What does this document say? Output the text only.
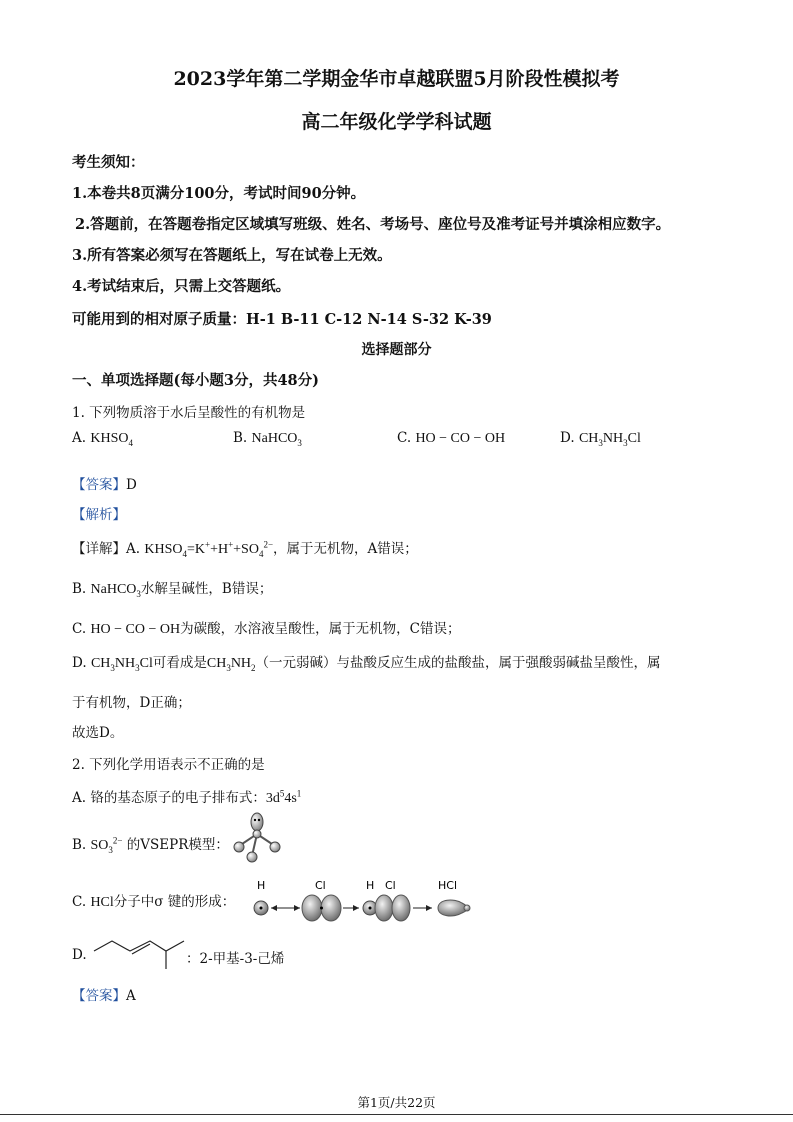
2023学年第二学期金华市卓越联盟5月阶段性模拟考
高二年级化学学科试题
考生须知：
1.本卷共8页满分100分，考试时间90分钟。
2.答题前，在答题卷指定区域填写班级、姓名、考场号、座位号及准考证号并填涂相应数字。
3.所有答案必须写在答题纸上，写在试卷上无效。
4.考试结束后，只需上交答题纸。
可能用到的相对原子质量：H-1 B-11 C-12 N-14 S-32 K-39
选择题部分
一、单项选择题(每小题3分，共48分)
1. 下列物质溶于水后呈酸性的有机物是
A. $KHSO_4$	B. NaHCO$_3$	C. HO − CO − OH	D. $CH_3NH_3Cl$
【答案】D
【解析】
【详解】A. $KHSO_4=K^++H^++SO_4^{2-}$，属于无机物，A错误；
B. NaHCO$_3$水解呈碱性，B错误；
C. HO − CO − OH为碳酸，水溶液呈酸性，属于无机物，C错误；
D. $CH_3NH_3Cl$可看成是$CH_3NH_2$（一元弱碱）与盐酸反应生成的盐酸盐，属于强酸弱碱盐呈酸性，属
于有机物，D正确；
故选D。
2. 下列化学用语表示不正确的是
A. 铬的基态原子的电子排布式：$3d^54s^1$
B. $SO_3^{2-}$ 的VSEPR模型：
C. HCl分子中σ 键的形成：
H	Cl	H Cl	HCl
D.	：2-甲基-3-己烯
【答案】A
第1页/共22页
